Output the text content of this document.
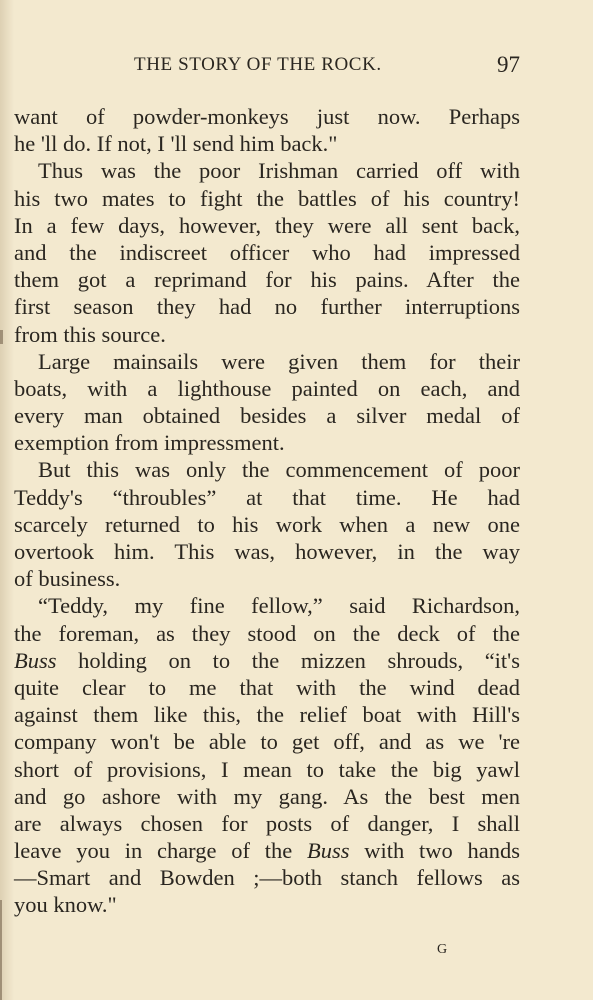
THE STORY OF THE ROCK.	97
want of powder-monkeys just now. Perhaps
he 'll do. If not, I 'll send him back."
Thus was the poor Irishman carried off with
his two mates to fight the battles of his country!
In a few days, however, they were all sent back,
and the indiscreet officer who had impressed
them got a reprimand for his pains. After the
first season they had no further interruptions
from this source.
Large mainsails were given them for their
boats, with a lighthouse painted on each, and
every man obtained besides a silver medal of
exemption from impressment.
But this was only the commencement of poor
Teddy's “throubles” at that time. He had
scarcely returned to his work when a new one
overtook him. This was, however, in the way
of business.
“Teddy, my fine fellow,” said Richardson,
the foreman, as they stood on the deck of the
Buss holding on to the mizzen shrouds, “it's
quite clear to me that with the wind dead
against them like this, the relief boat with Hill's
company won't be able to get off, and as we 're
short of provisions, I mean to take the big yawl
and go ashore with my gang. As the best men
are always chosen for posts of danger, I shall
leave you in charge of the Buss with two hands
—Smart and Bowden ;—both stanch fellows as
you know."
G
